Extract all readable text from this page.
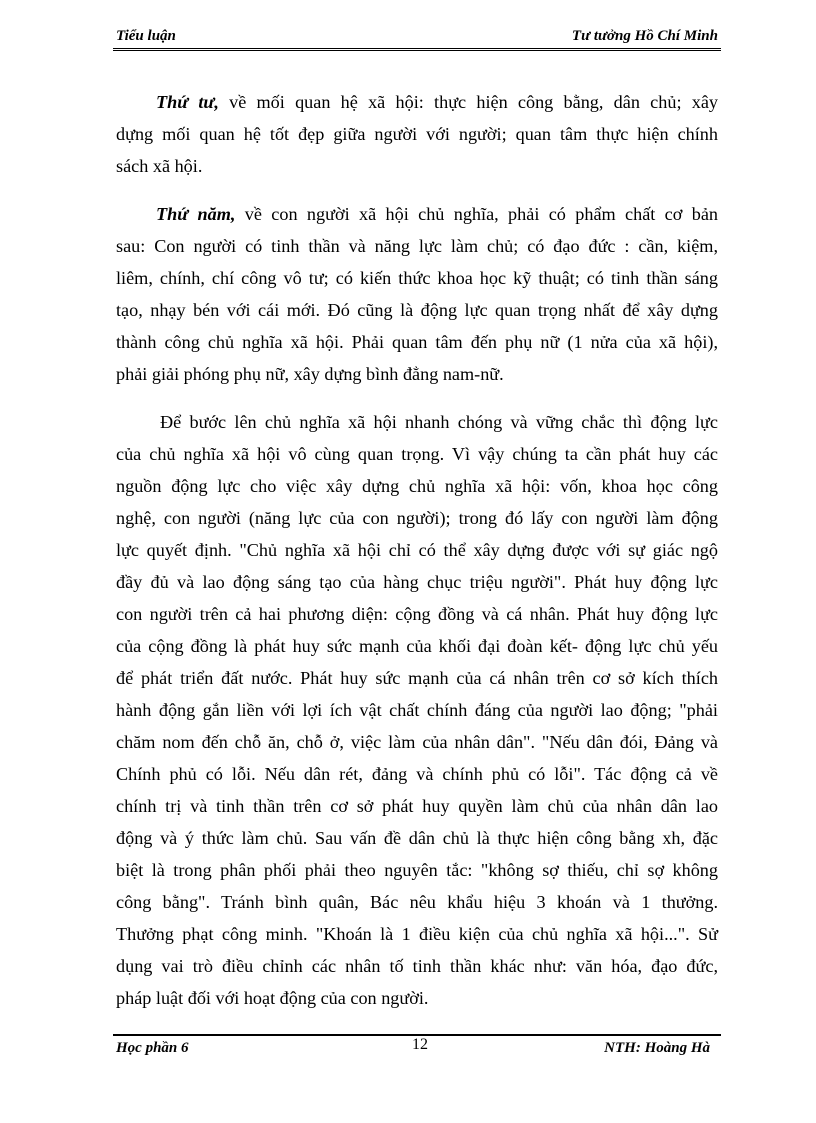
Tiểu luận	Tư tưởng Hồ Chí Minh
Thứ tư, về mối quan hệ xã hội: thực hiện công bằng, dân chủ; xây
dựng mối quan hệ tốt đẹp giữa người với người; quan tâm thực hiện chính
sách xã hội.
Thứ năm, về con người xã hội chủ nghĩa, phải có phẩm chất cơ bản
sau: Con người có tinh thần và năng lực làm chủ; có đạo đức : cần, kiệm,
liêm, chính, chí công vô tư; có kiến thức khoa học kỹ thuật; có tinh thần sáng
tạo, nhạy bén với cái mới. Đó cũng là động lực quan trọng nhất để xây dựng
thành công chủ nghĩa xã hội. Phải quan tâm đến phụ nữ (1 nửa của xã hội),
phải giải phóng phụ nữ, xây dựng bình đẳng nam-nữ.
Để bước lên chủ nghĩa xã hội nhanh chóng và vững chắc thì động lực
của chủ nghĩa xã hội vô cùng quan trọng. Vì vậy chúng ta cần phát huy các
nguồn động lực cho việc xây dựng chủ nghĩa xã hội: vốn, khoa học công
nghệ, con người (năng lực của con người); trong đó lấy con người làm động
lực quyết định. "Chủ nghĩa xã hội chỉ có thể xây dựng được với sự giác ngộ
đầy đủ và lao động sáng tạo của hàng chục triệu người". Phát huy động lực
con người trên cả hai phương diện: cộng đồng và cá nhân. Phát huy động lực
của cộng đồng là phát huy sức mạnh của khối đại đoàn kết- động lực chủ yếu
để phát triển đất nước. Phát huy sức mạnh của cá nhân trên cơ sở kích thích
hành động gắn liền với lợi ích vật chất chính đáng của người lao động; "phải
chăm nom đến chỗ ăn, chỗ ở, việc làm của nhân dân". "Nếu dân đói, Đảng và
Chính phủ có lỗi. Nếu dân rét, đảng và chính phủ có lỗi". Tác động cả về
chính trị và tinh thần trên cơ sở phát huy quyền làm chủ của nhân dân lao
động và ý thức làm chủ. Sau vấn đề dân chủ là thực hiện công bằng xh, đặc
biệt là trong phân phối phải theo nguyên tắc: "không sợ thiếu, chỉ sợ không
công bằng". Tránh bình quân, Bác nêu khẩu hiệu 3 khoán và 1 thưởng.
Thưởng phạt công minh. "Khoán là 1 điều kiện của chủ nghĩa xã hội...". Sử
dụng vai trò điều chỉnh các nhân tố tinh thần khác như: văn hóa, đạo đức,
pháp luật đối với hoạt động của con người.
Học phần 6	12	NTH: Hoàng Hà
